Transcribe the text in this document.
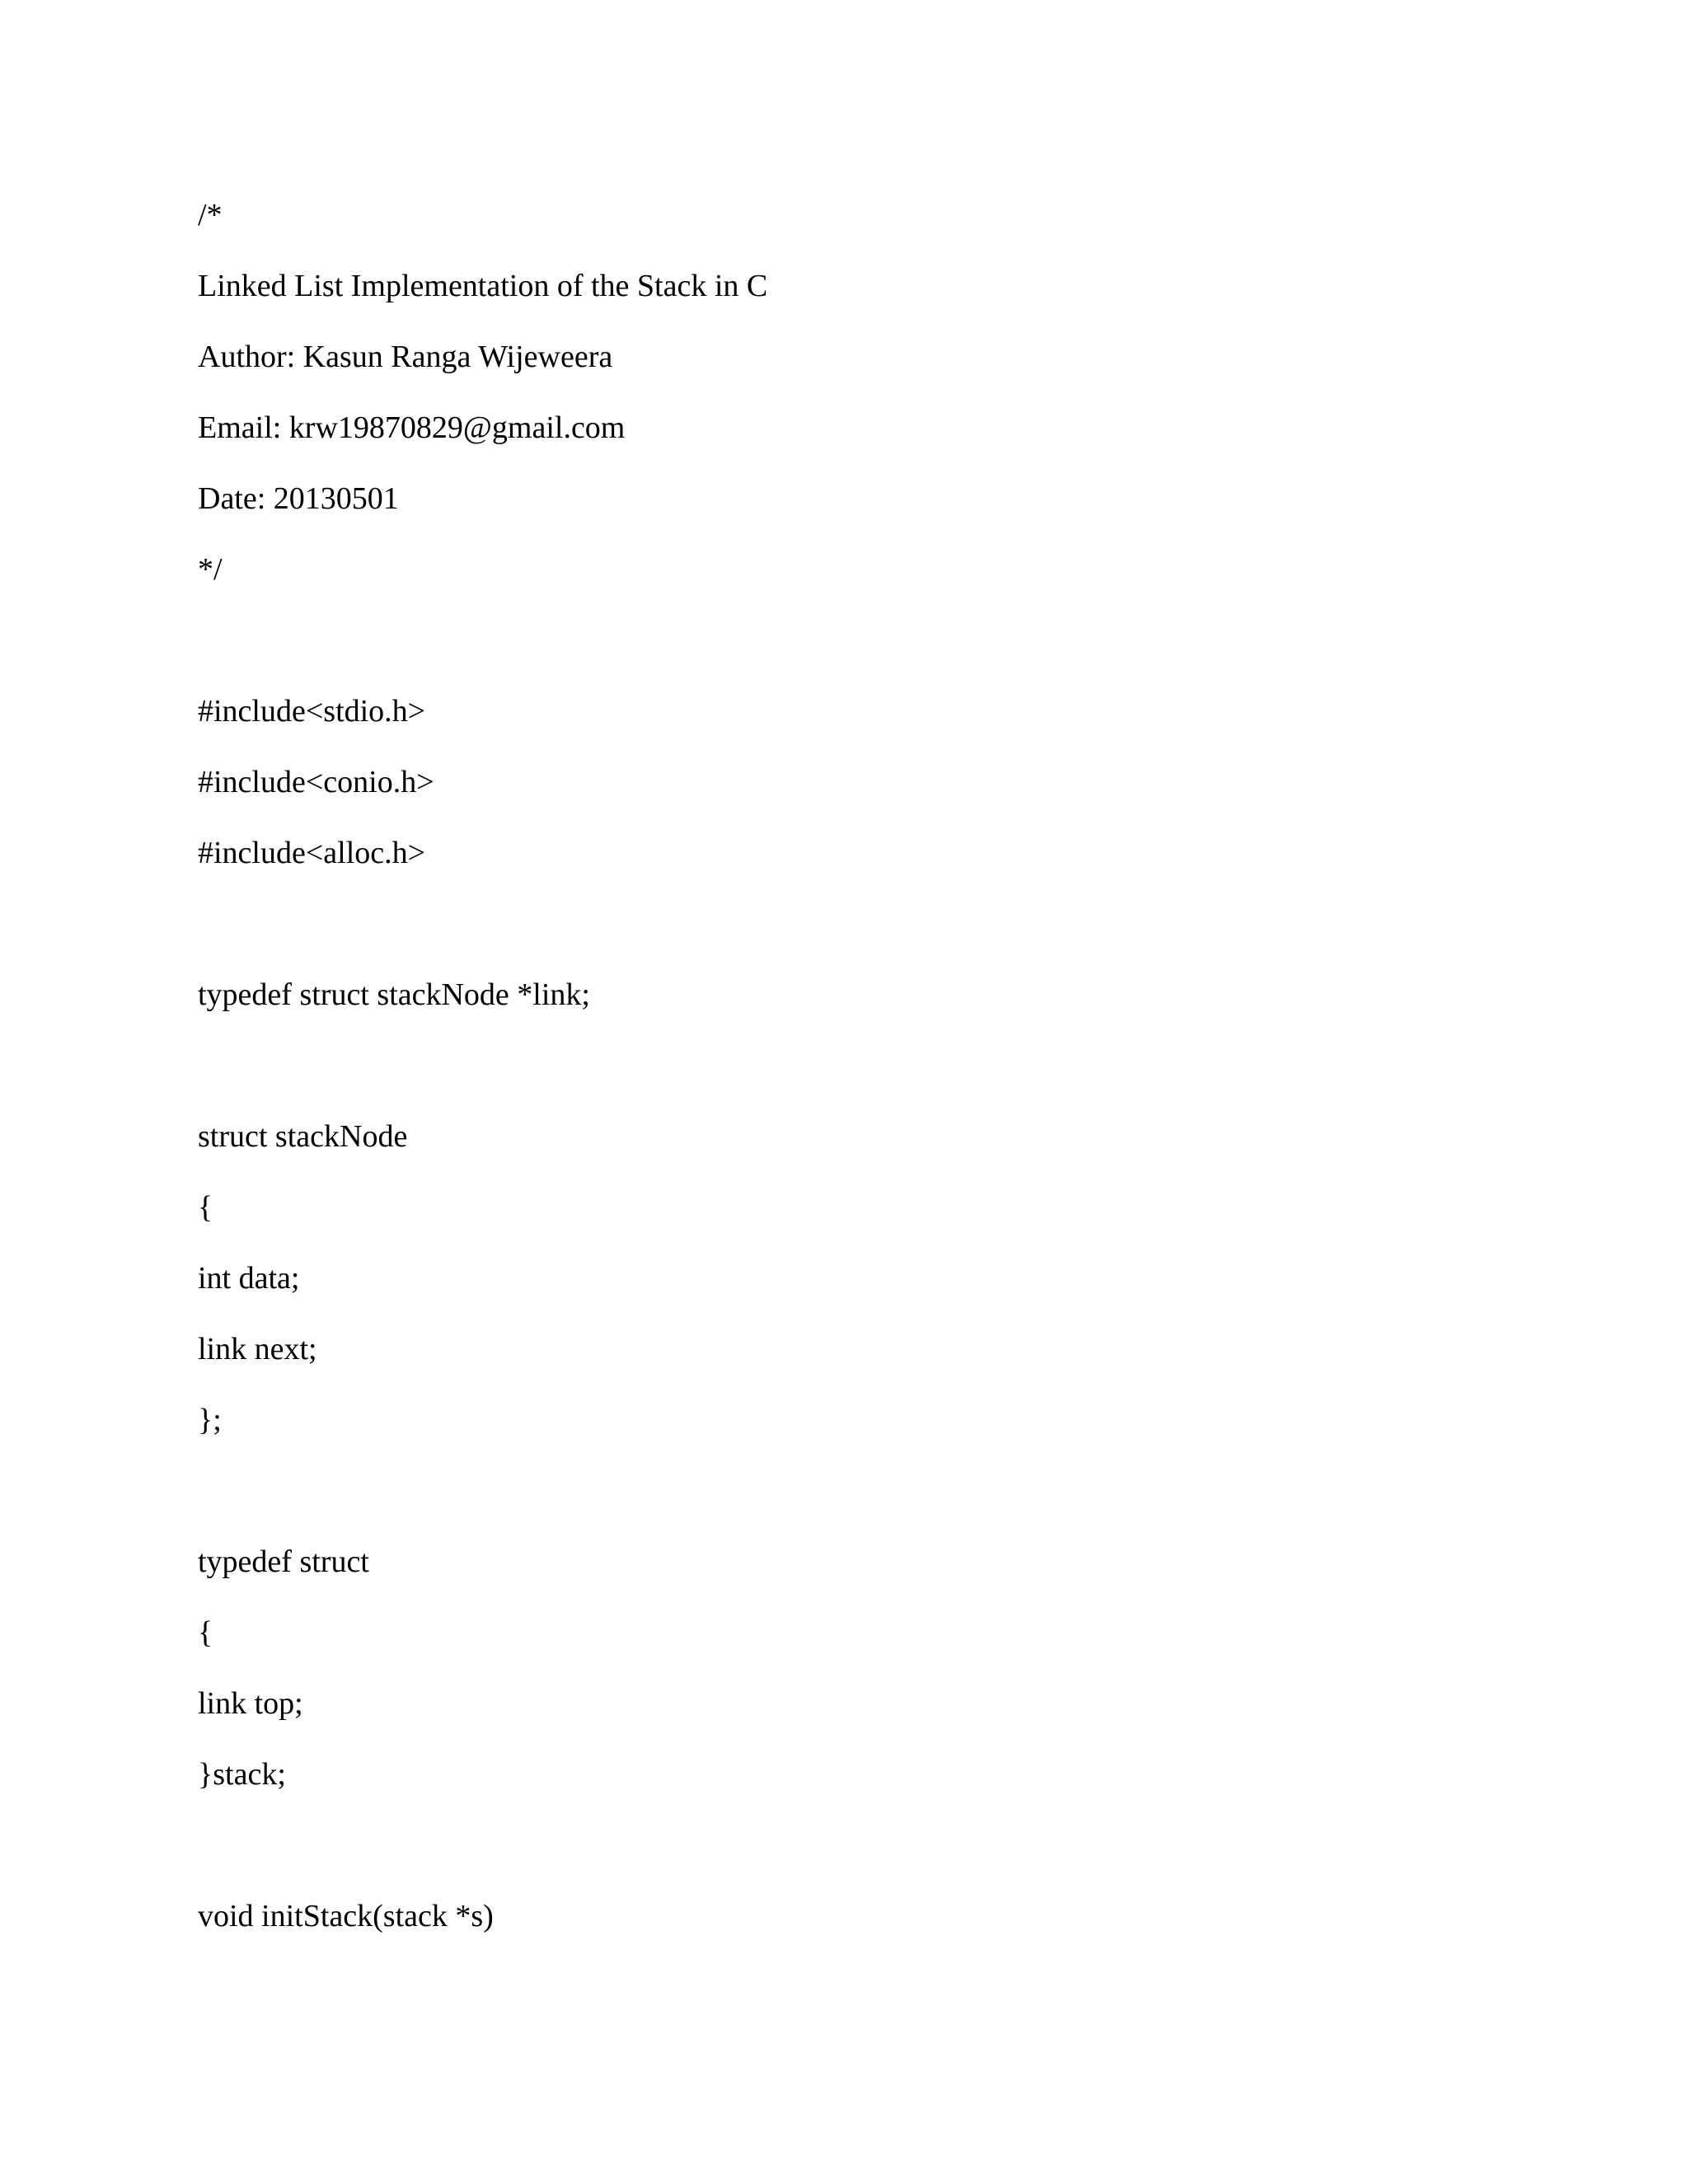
/*

Linked List Implementation of the Stack in C

Author: Kasun Ranga Wijeweera

Email: krw19870829@gmail.com

Date: 20130501

*/

#include<stdio.h>

#include<conio.h>

#include<alloc.h>

typedef struct stackNode *link;

struct stackNode

{

int data;

link next;

};

typedef struct

{

link top;

}stack;

void initStack(stack *s)
